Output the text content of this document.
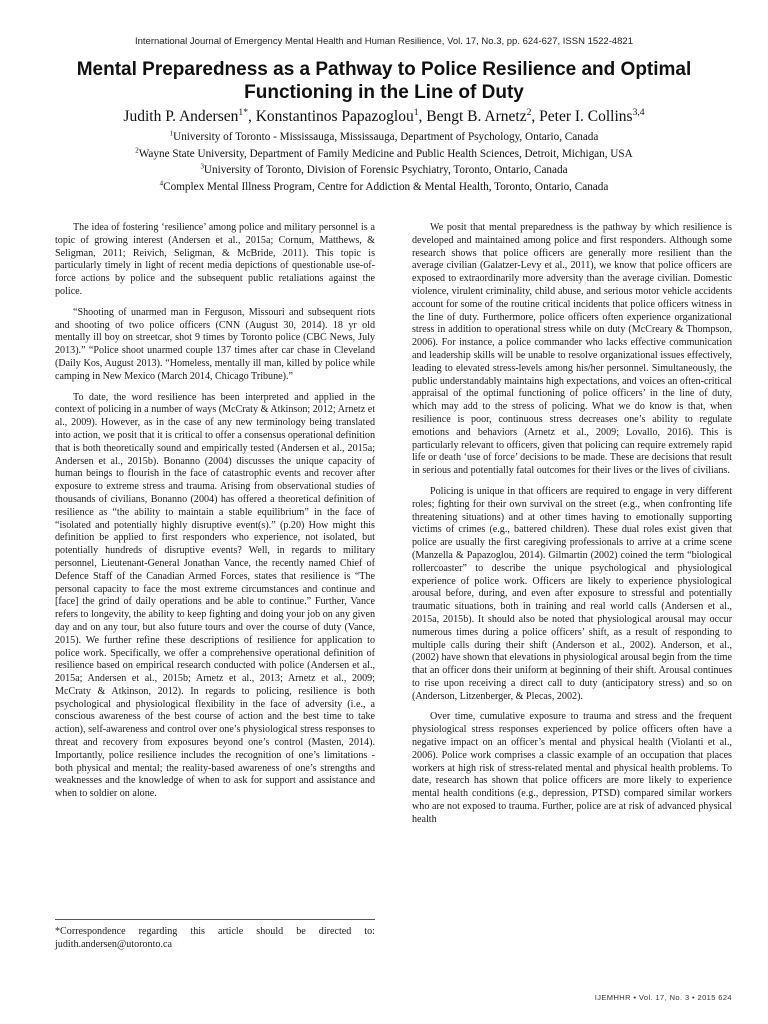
International Journal of Emergency Mental Health and Human Resilience, Vol. 17, No.3, pp. 624-627, ISSN 1522-4821
Mental Preparedness as a Pathway to Police Resilience and Optimal Functioning in the Line of Duty
Judith P. Andersen$^{1*}$, Konstantinos Papazoglou$^1$, Bengt B. Arnetz$^2$, Peter I. Collins$^{3,4}$
$^1$University of Toronto - Mississauga, Mississauga, Department of Psychology, Ontario, Canada
$^2$Wayne State University, Department of Family Medicine and Public Health Sciences, Detroit, Michigan, USA
$^3$University of Toronto, Division of Forensic Psychiatry, Toronto, Ontario, Canada
$^4$Complex Mental Illness Program, Centre for Addiction & Mental Health, Toronto, Ontario, Canada

The idea of fostering ‘resilience’ among police and military personnel is a topic of growing interest (Andersen et al., 2015a; Cornum, Matthews, & Seligman, 2011; Reivich, Seligman, & McBride, 2011). This topic is particularly timely in light of recent media depictions of questionable use-of-force actions by police and the subsequent public retaliations against the police.

“Shooting of unarmed man in Ferguson, Missouri and subsequent riots and shooting of two police officers (CNN (August 30, 2014). 18 yr old mentally ill boy on streetcar, shot 9 times by Toronto police (CBC News, July 2013).” “Police shoot unarmed couple 137 times after car chase in Cleveland (Daily Kos, August 2013). “Homeless, mentally ill man, killed by police while camping in New Mexico (March 2014, Chicago Tribune).”

To date, the word resilience has been interpreted and applied in the context of policing in a number of ways (McCraty & Atkinson; 2012; Arnetz et al., 2009). However, as in the case of any new terminology being translated into action, we posit that it is critical to offer a consensus operational definition that is both theoretically sound and empirically tested (Andersen et al., 2015a; Andersen et al., 2015b). Bonanno (2004) discusses the unique capacity of human beings to flourish in the face of catastrophic events and recover after exposure to extreme stress and trauma. Arising from observational studies of thousands of civilians, Bonanno (2004) has offered a theoretical definition of resilience as “the ability to maintain a stable equilibrium” in the face of “isolated and potentially highly disruptive event(s).” (p.20) How might this definition be applied to first responders who experience, not isolated, but potentially hundreds of disruptive events? Well, in regards to military personnel, Lieutenant-General Jonathan Vance, the recently named Chief of Defence Staff of the Canadian Armed Forces, states that resilience is “The personal capacity to face the most extreme circumstances and continue and [face] the grind of daily operations and be able to continue.” Further, Vance refers to longevity, the ability to keep fighting and doing your job on any given day and on any tour, but also future tours and over the course of duty (Vance, 2015). We further refine these descriptions of resilience for application to police work. Specifically, we offer a comprehensive operational definition of resilience based on empirical research conducted with police (Andersen et al., 2015a; Andersen et al., 2015b; Arnetz et al., 2013; Arnetz et al., 2009; McCraty & Atkinson, 2012). In regards to policing, resilience is both psychological and physiological flexibility in the face of adversity (i.e., a conscious awareness of the best course of action and the best time to take action), self-awareness and control over one’s physiological stress responses to threat and recovery from exposures beyond one’s control (Masten, 2014). Importantly, police resilience includes the recognition of one’s limitations - both physical and mental; the reality-based awareness of one’s strengths and weaknesses and the knowledge of when to ask for support and assistance and when to soldier on alone.

We posit that mental preparedness is the pathway by which resilience is developed and maintained among police and first responders. Although some research shows that police officers are generally more resilient than the average civilian (Galatzer-Levy et al., 2011), we know that police officers are exposed to extraordinarily more adversity than the average civilian. Domestic violence, virulent criminality, child abuse, and serious motor vehicle accidents account for some of the routine critical incidents that police officers witness in the line of duty. Furthermore, police officers often experience organizational stress in addition to operational stress while on duty (McCreary & Thompson, 2006). For instance, a police commander who lacks effective communication and leadership skills will be unable to resolve organizational issues effectively, leading to elevated stress-levels among his/her personnel. Simultaneously, the public understandably maintains high expectations, and voices an often-critical appraisal of the optimal functioning of police officers’ in the line of duty, which may add to the stress of policing. What we do know is that, when resilience is poor, continuous stress decreases one’s ability to regulate emotions and behaviors (Arnetz et al., 2009; Lovallo, 2016). This is particularly relevant to officers, given that policing can require extremely rapid life or death ‘use of force’ decisions to be made. These are decisions that result in serious and potentially fatal outcomes for their lives or the lives of civilians.

Policing is unique in that officers are required to engage in very different roles; fighting for their own survival on the street (e.g., when confronting life threatening situations) and at other times having to emotionally supporting victims of crimes (e.g., battered children). These dual roles exist given that police are usually the first caregiving professionals to arrive at a crime scene (Manzella & Papazoglou, 2014). Gilmartin (2002) coined the term “biological rollercoaster” to describe the unique psychological and physiological experience of police work. Officers are likely to experience physiological arousal before, during, and even after exposure to stressful and potentially traumatic situations, both in training and real world calls (Andersen et al., 2015a, 2015b). It should also be noted that physiological arousal may occur numerous times during a police officers’ shift, as a result of responding to multiple calls during their shift (Anderson et al., 2002). Anderson, et al., (2002) have shown that elevations in physiological arousal begin from the time that an officer dons their uniform at beginning of their shift. Arousal continues to rise upon receiving a direct call to duty (anticipatory stress) and so on (Anderson, Litzenberger, & Plecas, 2002).

Over time, cumulative exposure to trauma and stress and the frequent physiological stress responses experienced by police officers often have a negative impact on an officer’s mental and physical health (Violanti et al., 2006). Police work comprises a classic example of an occupation that places workers at high risk of stress-related mental and physical health problems. To date, research has shown that police officers are more likely to experience mental health conditions (e.g., depression, PTSD) compared similar workers who are not exposed to trauma. Further, police are at risk of advanced physical health

*Correspondence regarding this article should be directed to: judith.andersen@utoronto.ca
IJEMHHR • Vol. 17, No. 3 • 2015 624
